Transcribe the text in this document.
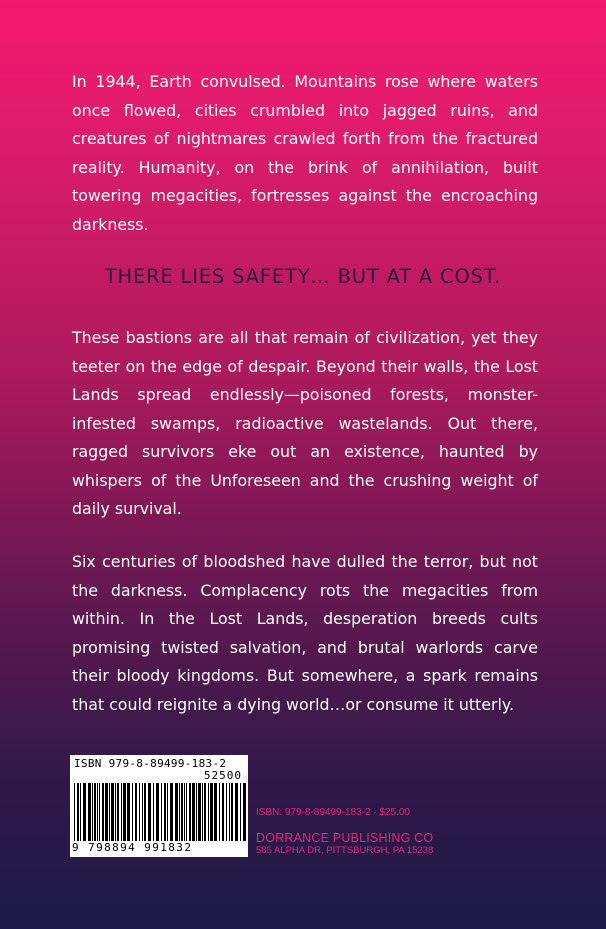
In 1944, Earth convulsed. Mountains rose where waters once flowed, cities crumbled into jagged ruins, and creatures of nightmares crawled forth from the fractured reality. Humanity, on the brink of annihilation, built towering megacities, fortresses against the encroaching darkness.
THERE LIES SAFETY… BUT AT A COST.
These bastions are all that remain of civilization, yet they teeter on the edge of despair. Beyond their walls, the Lost Lands spread endlessly—poisoned forests, monster-infested swamps, radioactive wastelands. Out there, ragged survivors eke out an existence, haunted by whispers of the Unforeseen and the crushing weight of daily survival.
Six centuries of bloodshed have dulled the terror, but not the darkness. Complacency rots the megacities from within. In the Lost Lands, desperation breeds cults promising twisted salvation, and brutal warlords carve their bloody kingdoms. But somewhere, a spark remains that could reignite a dying world…or consume it utterly.
ISBN 979-8-89499-183-2
52500
9 798894 991832
ISBN: 979-8-89499-183-2 · $25.00
DORRANCE PUBLISHING CO
585 ALPHA DR, PITTSBURGH, PA 15238
